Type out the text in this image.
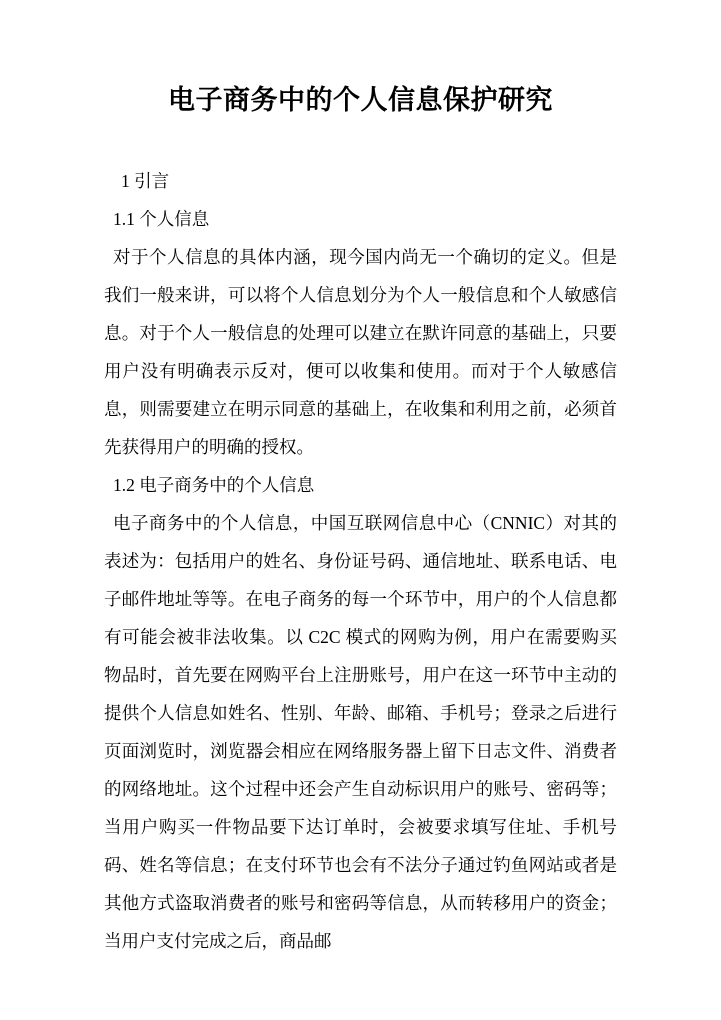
电子商务中的个人信息保护研究
1 引言
1.1 个人信息
对于个人信息的具体内涵，现今国内尚无一个确切的定义。但是我们一般来讲，可以将个人信息划分为个人一般信息和个人敏感信息。对于个人一般信息的处理可以建立在默许同意的基础上，只要用户没有明确表示反对，便可以收集和使用。而对于个人敏感信息，则需要建立在明示同意的基础上，在收集和利用之前，必须首先获得用户的明确的授权。
1.2 电子商务中的个人信息
电子商务中的个人信息，中国互联网信息中心（CNNIC）对其的表述为：包括用户的姓名、身份证号码、通信地址、联系电话、电子邮件地址等等。在电子商务的每一个环节中，用户的个人信息都有可能会被非法收集。以 C2C 模式的网购为例，用户在需要购买物品时，首先要在网购平台上注册账号，用户在这一环节中主动的提供个人信息如姓名、性别、年龄、邮箱、手机号；登录之后进行页面浏览时，浏览器会相应在网络服务器上留下日志文件、消费者的网络地址。这个过程中还会产生自动标识用户的账号、密码等；当用户购买一件物品要下达订单时，会被要求填写住址、手机号码、姓名等信息；在支付环节也会有不法分子通过钓鱼网站或者是其他方式盗取消费者的账号和密码等信息，从而转移用户的资金；当用户支付完成之后，商品邮
